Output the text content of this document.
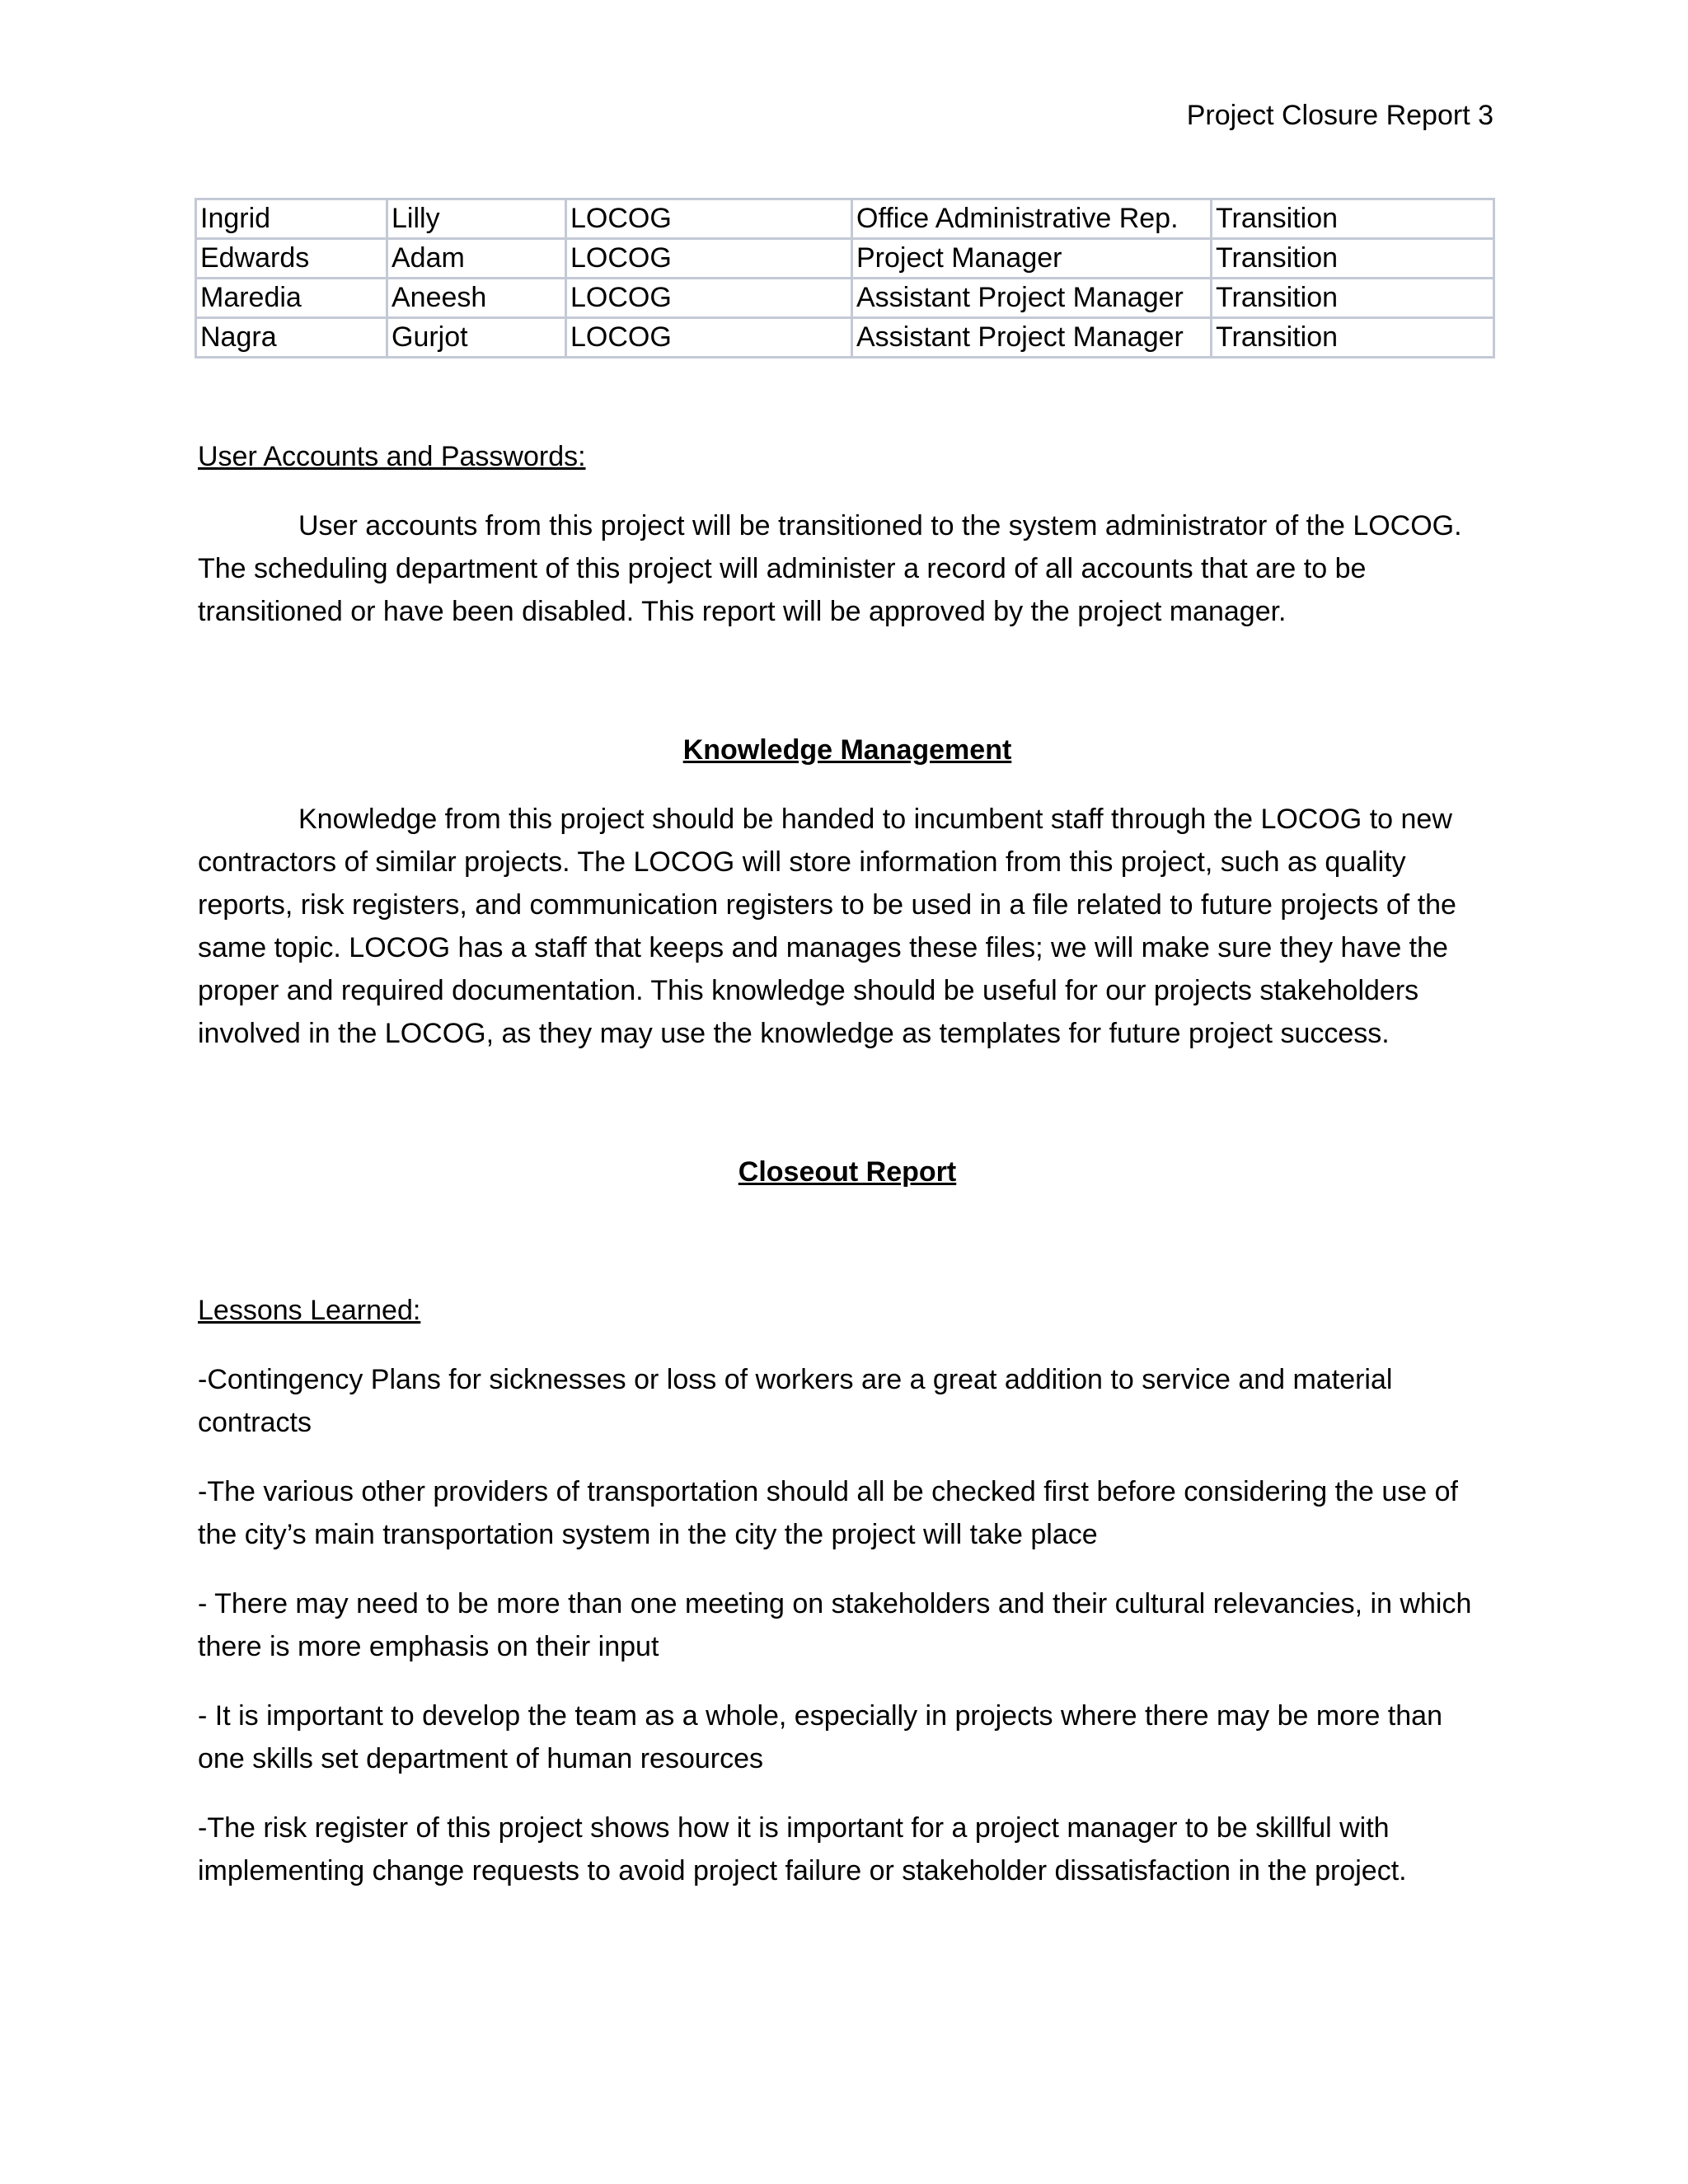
Project Closure Report 3
Ingrid	Lilly	LOCOG	Office Administrative Rep.	Transition
Edwards	Adam	LOCOG	Project Manager	Transition
Maredia	Aneesh	LOCOG	Assistant Project Manager	Transition
Nagra	Gurjot	LOCOG	Assistant Project Manager	Transition

User Accounts and Passwords:

User accounts from this project will be transitioned to the system administrator of the LOCOG. The scheduling department of this project will administer a record of all accounts that are to be transitioned or have been disabled. This report will be approved by the project manager.

Knowledge Management

Knowledge from this project should be handed to incumbent staff through the LOCOG to new contractors of similar projects. The LOCOG will store information from this project, such as quality reports, risk registers, and communication registers to be used in a file related to future projects of the same topic. LOCOG has a staff that keeps and manages these files; we will make sure they have the proper and required documentation. This knowledge should be useful for our projects stakeholders involved in the LOCOG, as they may use the knowledge as templates for future project success.

Closeout Report

Lessons Learned:

-Contingency Plans for sicknesses or loss of workers are a great addition to service and material contracts

-The various other providers of transportation should all be checked first before considering the use of the city’s main transportation system in the city the project will take place

- There may need to be more than one meeting on stakeholders and their cultural relevancies, in which there is more emphasis on their input

- It is important to develop the team as a whole, especially in projects where there may be more than one skills set department of human resources

-The risk register of this project shows how it is important for a project manager to be skillful with implementing change requests to avoid project failure or stakeholder dissatisfaction in the project.
